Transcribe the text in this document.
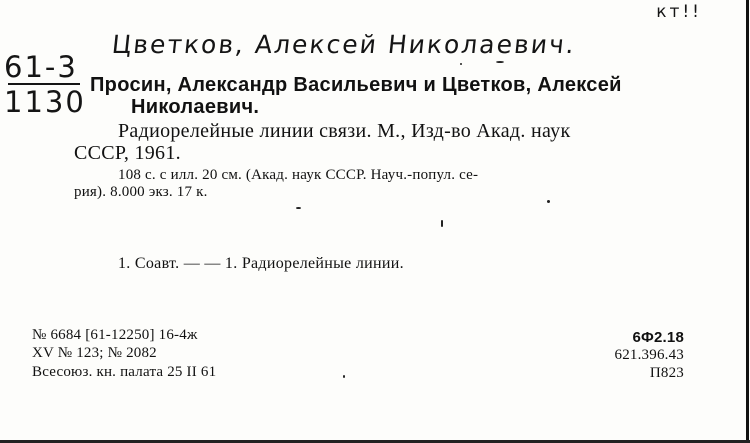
кт!!
Цветков, Алексей Николаевич.
61-3
1130 Просин, Александр Васильевич и Цветков, Алексей
Николаевич.
Радиорелейные линии связи. М., Изд-во Акад. наук
СССР, 1961.
108 с. с илл. 20 см. (Акад. наук СССР. Науч.-попул. се-
рия). 8.000 экз. 17 к.
1. Соавт. — — 1. Радиорелейные линии.
№ 6684 [61-12250] 16-4ж
XV № 123; № 2082
Всесоюз. кн. палата 25 II 61
6Ф2.18
621.396.43
П823
